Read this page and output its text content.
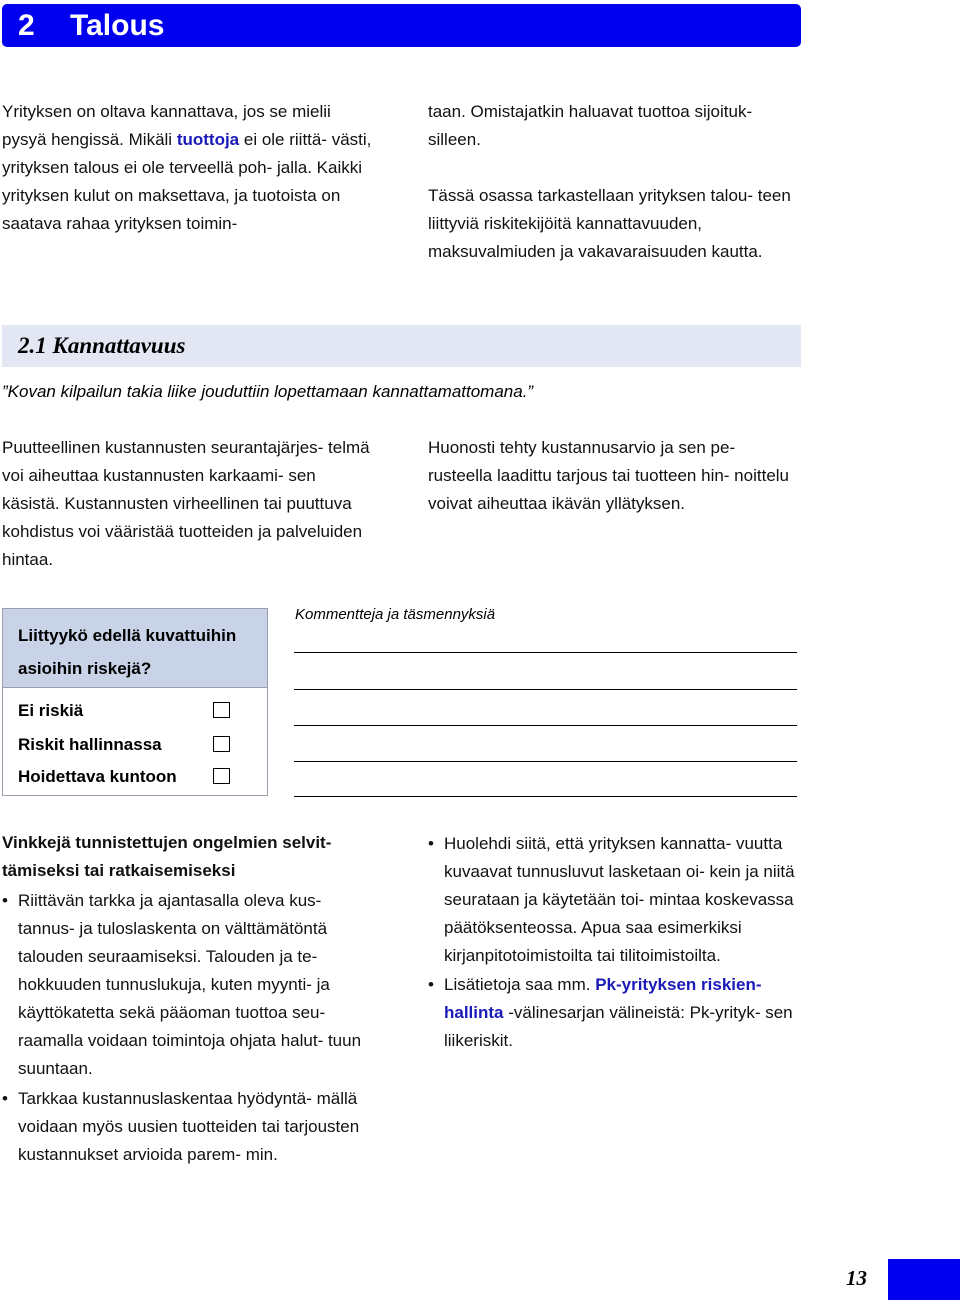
2 Talous
Yrityksen on oltava kannattava, jos se mielii pysyä hengissä. Mikäli tuottoja ei ole riittä- västi, yrityksen talous ei ole terveellä poh- jalla. Kaikki yrityksen kulut on maksettava, ja tuotoista on saatava rahaa yrityksen toimin-

taan. Omistajatkin haluavat tuottoa sijoituk- silleen.

Tässä osassa tarkastellaan yrityksen talou- teen liittyviä riskitekijöitä kannattavuuden, maksuvalmiuden ja vakavaraisuuden kautta.

2.1 Kannattavuus
”Kovan kilpailun takia liike jouduttiin lopettamaan kannattamattomana.”
Puutteellinen kustannusten seurantajärjes- telmä voi aiheuttaa kustannusten karkaami- sen käsistä. Kustannusten virheellinen tai puuttuva kohdistus voi vääristää tuotteiden ja palveluiden hintaa.
Huonosti tehty kustannusarvio ja sen pe- rusteella laadittu tarjous tai tuotteen hin- noittelu voivat aiheuttaa ikävän yllätyksen.
Liittyykö edellä kuvattuihin asioihin riskejä?
Ei riskiä
Riskit hallinnassa
Hoidettava kuntoon
Kommentteja ja täsmennyksiä

Vinkkejä tunnistettujen ongelmien selvit- tämiseksi tai ratkaisemiseksi

• Riittävän tarkka ja ajantasalla oleva kus- tannus- ja tuloslaskenta on välttämätöntä talouden seuraamiseksi. Talouden ja te- hokkuuden tunnuslukuja, kuten myynti- ja käyttökatetta sekä pääoman tuottoa seu- raamalla voidaan toimintoja ohjata halut- tuun suuntaan.
• Tarkkaa kustannuslaskentaa hyödyntä- mällä voidaan myös uusien tuotteiden tai tarjousten kustannukset arvioida parem- min.
• Huolehdi siitä, että yrityksen kannatta- vuutta kuvaavat tunnusluvut lasketaan oi- kein ja niitä seurataan ja käytetään toi- mintaa koskevassa päätöksenteossa. Apua saa esimerkiksi kirjanpitotoimistoilta tai tilitoimistoilta.
• Lisätietoja saa mm. Pk-yrityksen riskien- hallinta -välinesarjan välineistä: Pk-yrityk- sen liikeriskit.
13
